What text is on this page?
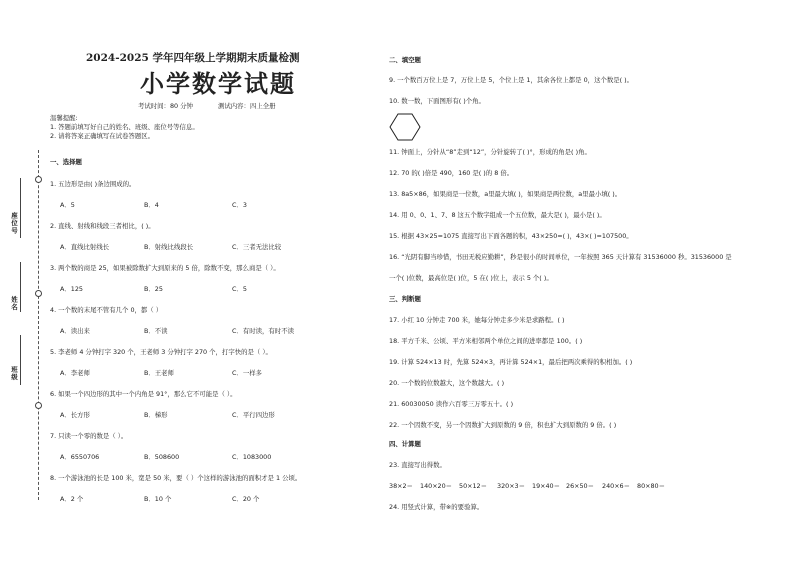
座位号
姓名
班级
2024-2025 学年四年级上学期期末质量检测
小学数学试题
考试时间：80 分钟	测试内容：四上全册
温馨提醒:
1. 答题前填写好自己的姓名、班级、座位号等信息。
2. 请将答案正确填写在试卷答题区。
一、选择题
1. 五边形是由( )条边围成的。
A．5	B．4	C．3
2. 直线、射线和线段三者相比，( )。
A．直线比射线长	B．射线比线段长	C．三者无法比较
3. 两个数的商是 25，如果被除数扩大到原来的 5 倍，除数不变，那么商是（ ）。
A．125	B．25	C．5
4. 一个数的末尾不管有几个 0，都（ ）
A．读出来	B．不读	C．有时读，有时不读
5. 李老师 4 分钟打字 320 个，王老师 3 分钟打字 270 个，打字快的是（ ）。
A．李老师	B．王老师	C．一样多
6. 如果一个四边形的其中一个内角是 91°，那么它不可能是（ ）。
A．长方形	B．梯形	C．平行四边形
7. 只读一个零的数是（ ）。
A．6550706	B．508600	C．1083000
8. 一个游泳池的长是 100 米，宽是 50 米，要（ ）个这样的游泳池的面积才是 1 公顷。
A．2 个	B．10 个	C．20 个
二、填空题
9. 一个数百万位上是 7，万位上是 5，个位上是 1，其余各位上都是 0，这个数是( )。
10. 数一数，下面图形有( )个角。
11. 钟面上，分针从“8”走到“12”，分针旋转了( )°，形成的角是( )角。
12. 70 的( )倍是 490，160 是( )的 8 倍。
13. 8a5×86，如果商是一位数，a里最大填( )，如果商是两位数，a里最小填( )。
14. 用 0、0、1、7、8 这五个数字组成一个五位数，最大是( )，最小是( )。
15. 根据 43×25=1075 直接写出下面各题的积，43×250=( )，43×( )=107500。
16. “光阴有脚当珍惜，书田无税应勤耕”，秒是很小的时间单位，一年按照 365 天计算有 31536000 秒。31536000 是
一个( )位数，最高位是( )位，5 在( )位上，表示 5 个( )。
三、判断题
17. 小红 10 分钟走 700 米，她每分钟走多少米是求路程。( )
18. 平方千米、公顷、平方米相邻两个单位之间的进率都是 100。( )
19. 计算 524×13 时，先算 524×3，再计算 524×1，最后把两次乘得的积相加。( )
20. 一个数的位数越大，这个数越大。( )
21. 60030050 读作六百零三万零五十。( )
22. 一个因数不变，另一个因数扩大到原数的 9 倍，积也扩大到原数的 9 倍。( )
四、计算题
23. 直接写出得数。
38×2＝ 140×20＝ 50×12＝ 320×3＝ 19×40＝ 26×50＝ 240×6＝ 80×80＝
24. 用竖式计算，带※的要验算。
